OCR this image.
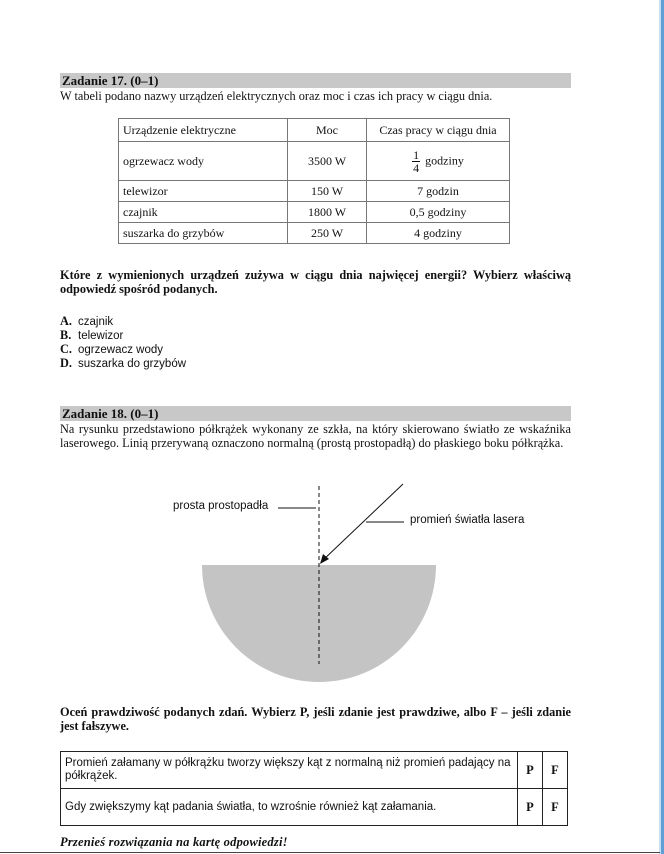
Zadanie 17. (0–1)
W tabeli podano nazwy urządzeń elektrycznych oraz moc i czas ich pracy w ciągu dnia.
Urządzenie elektryczne	Moc	Czas pracy w ciągu dnia
ogrzewacz wody	3500 W	$\frac{1}{4}$ godziny
telewizor	150 W	7 godzin
czajnik	1800 W	0,5 godziny
suszarka do grzybów	250 W	4 godziny
Które z wymienionych urządzeń zużywa w ciągu dnia najwięcej energii? Wybierz właściwą odpowiedź spośród podanych.
A. czajnik
B. telewizor
C. ogrzewacz wody
D. suszarka do grzybów
Zadanie 18. (0–1)
Na rysunku przedstawiono półkrążek wykonany ze szkła, na który skierowano światło ze wskaźnika laserowego. Linią przerywaną oznaczono normalną (prostą prostopadłą) do płaskiego boku półkrążka.
prosta prostopadła
promień światła lasera
Oceń prawdziwość podanych zdań. Wybierz P, jeśli zdanie jest prawdziwe, albo F – jeśli zdanie jest fałszywe.
Promień załamany w półkrążku tworzy większy kąt z normalną niż promień padający na półkrążek.	P	F
Gdy zwiększymy kąt padania światła, to wzrośnie również kąt załamania.	P	F
Przenieś rozwiązania na kartę odpowiedzi!
